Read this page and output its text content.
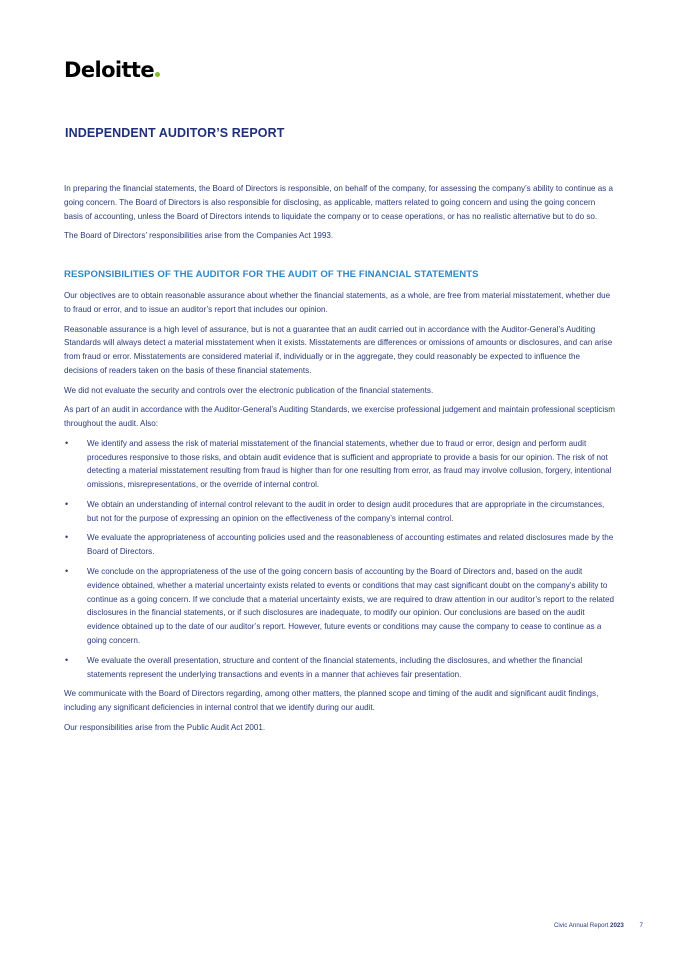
Deloitte
INDEPENDENT AUDITOR’S REPORT

In preparing the financial statements, the Board of Directors is responsible, on behalf of the company, for assessing the company’s ability to continue as a going concern. The Board of Directors is also responsible for disclosing, as applicable, matters related to going concern and using the going concern basis of accounting, unless the Board of Directors intends to liquidate the company or to cease operations, or has no realistic alternative but to do so.

The Board of Directors’ responsibilities arise from the Companies Act 1993.

RESPONSIBILITIES OF THE AUDITOR FOR THE AUDIT OF THE FINANCIAL STATEMENTS

Our objectives are to obtain reasonable assurance about whether the financial statements, as a whole, are free from material misstatement, whether due to fraud or error, and to issue an auditor’s report that includes our opinion.

Reasonable assurance is a high level of assurance, but is not a guarantee that an audit carried out in accordance with the Auditor-General’s Auditing Standards will always detect a material misstatement when it exists. Misstatements are differences or omissions of amounts or disclosures, and can arise from fraud or error. Misstatements are considered material if, individually or in the aggregate, they could reasonably be expected to influence the decisions of readers taken on the basis of these financial statements.

We did not evaluate the security and controls over the electronic publication of the financial statements.

As part of an audit in accordance with the Auditor-General’s Auditing Standards, we exercise professional judgement and maintain professional scepticism throughout the audit. Also:

• We identify and assess the risk of material misstatement of the financial statements, whether due to fraud or error, design and perform audit procedures responsive to those risks, and obtain audit evidence that is sufficient and appropriate to provide a basis for our opinion. The risk of not detecting a material misstatement resulting from fraud is higher than for one resulting from error, as fraud may involve collusion, forgery, intentional omissions, misrepresentations, or the override of internal control.
• We obtain an understanding of internal control relevant to the audit in order to design audit procedures that are appropriate in the circumstances, but not for the purpose of expressing an opinion on the effectiveness of the company’s internal control.
• We evaluate the appropriateness of accounting policies used and the reasonableness of accounting estimates and related disclosures made by the Board of Directors.
• We conclude on the appropriateness of the use of the going concern basis of accounting by the Board of Directors and, based on the audit evidence obtained, whether a material uncertainty exists related to events or conditions that may cast significant doubt on the company’s ability to continue as a going concern. If we conclude that a material uncertainty exists, we are required to draw attention in our auditor’s report to the related disclosures in the financial statements, or if such disclosures are inadequate, to modify our opinion. Our conclusions are based on the audit evidence obtained up to the date of our auditor’s report. However, future events or conditions may cause the company to cease to continue as a going concern.
• We evaluate the overall presentation, structure and content of the financial statements, including the disclosures, and whether the financial statements represent the underlying transactions and events in a manner that achieves fair presentation.

We communicate with the Board of Directors regarding, among other matters, the planned scope and timing of the audit and significant audit findings, including any significant deficiencies in internal control that we identify during our audit.

Our responsibilities arise from the Public Audit Act 2001.

Civic Annual Report 2023	7
